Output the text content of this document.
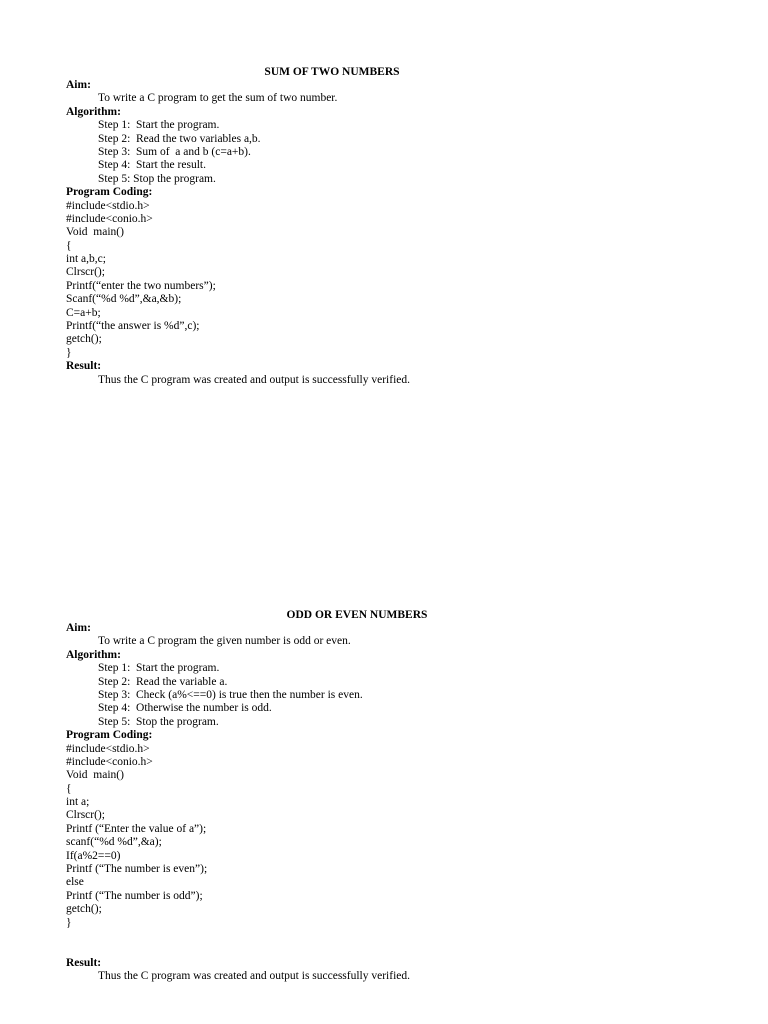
SUM OF TWO NUMBERS
Aim:
To write a C program to get the sum of two number.
Algorithm:
Step 1:  Start the program.
Step 2:  Read the two variables a,b.
Step 3:  Sum of  a and b (c=a+b).
Step 4:  Start the result.
Step 5: Stop the program.
Program Coding:
#include<stdio.h>
#include<conio.h>
Void  main()
{
int a,b,c;
Clrscr();
Printf(“enter the two numbers”);
Scanf(“%d %d”,&a,&b);
C=a+b;
Printf(“the answer is %d”,c);
getch();
}
Result:
Thus the C program was created and output is successfully verified.
ODD OR EVEN NUMBERS
Aim:
To write a C program the given number is odd or even.
Algorithm:
Step 1:  Start the program.
Step 2:  Read the variable a.
Step 3:  Check (a%<==0) is true then the number is even.
Step 4:  Otherwise the number is odd.
Step 5:  Stop the program.
Program Coding:
#include<stdio.h>
#include<conio.h>
Void  main()
{
int a;
Clrscr();
Printf (“Enter the value of a”);
scanf(“%d %d”,&a);
If(a%2==0)
Printf (“The number is even”);
else
Printf (“The number is odd”);
getch();
}
Result:
Thus the C program was created and output is successfully verified.
